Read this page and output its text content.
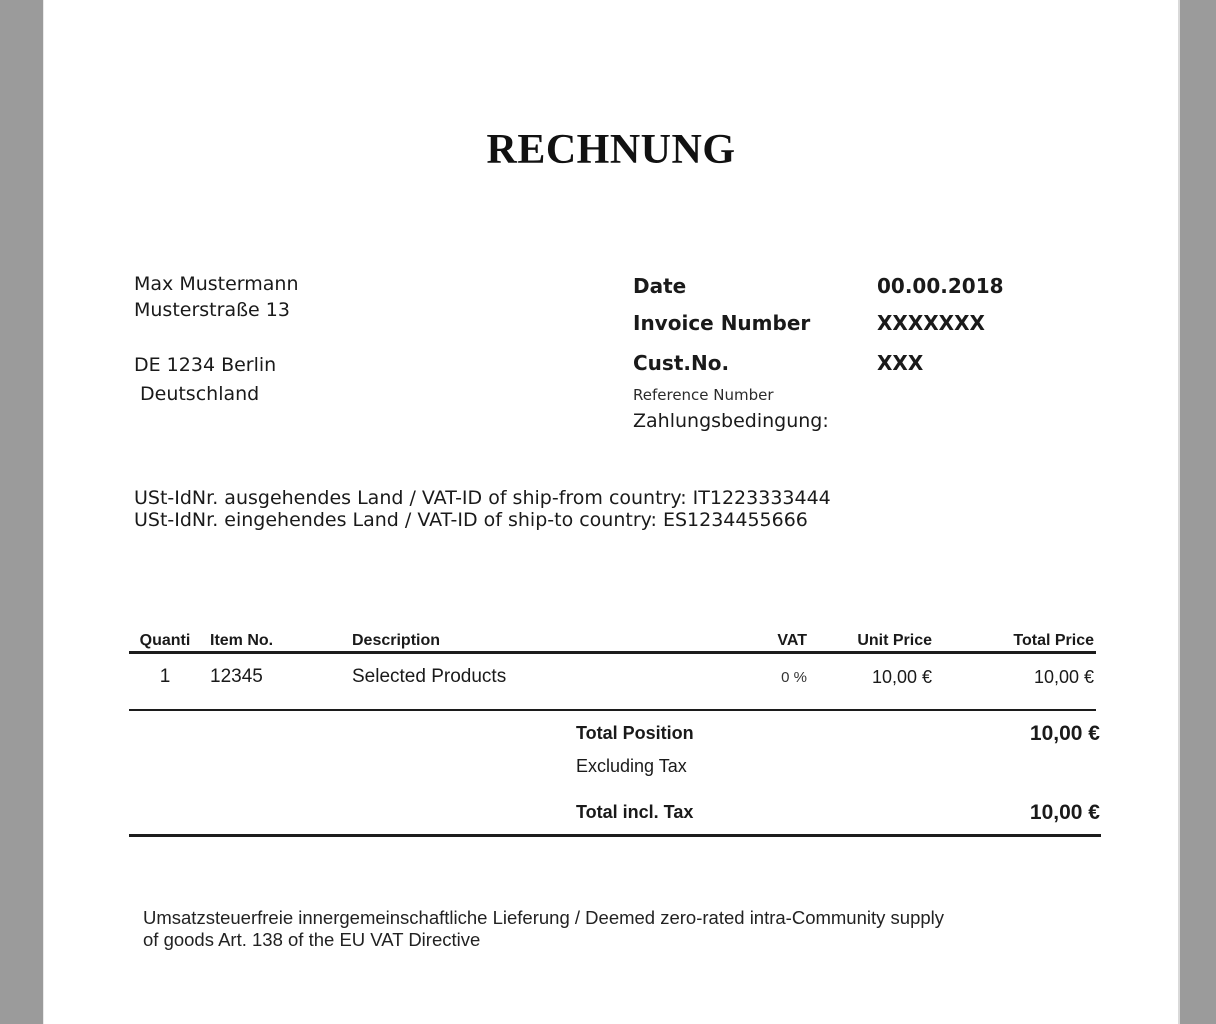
RECHNUNG
Max Mustermann
Musterstraße 13
DE 1234 Berlin
Deutschland
Date	00.00.2018
Invoice Number	XXXXXXX
Cust.No.	XXX
Reference Number
Zahlungsbedingung:
USt-IdNr. ausgehendes Land / VAT-ID of ship-from country: IT1223333444
USt-IdNr. eingehendes Land / VAT-ID of ship-to country: ES1234455666
Quanti	Item No.	Description	VAT	Unit Price	Total Price
1	12345	Selected Products	0 %	10,00 €	10,00 €
Total Position	10,00 €
Excluding Tax
Total incl. Tax	10,00 €
Umsatzsteuerfreie innergemeinschaftliche Lieferung / Deemed zero-rated intra-Community supply
of goods Art. 138 of the EU VAT Directive
